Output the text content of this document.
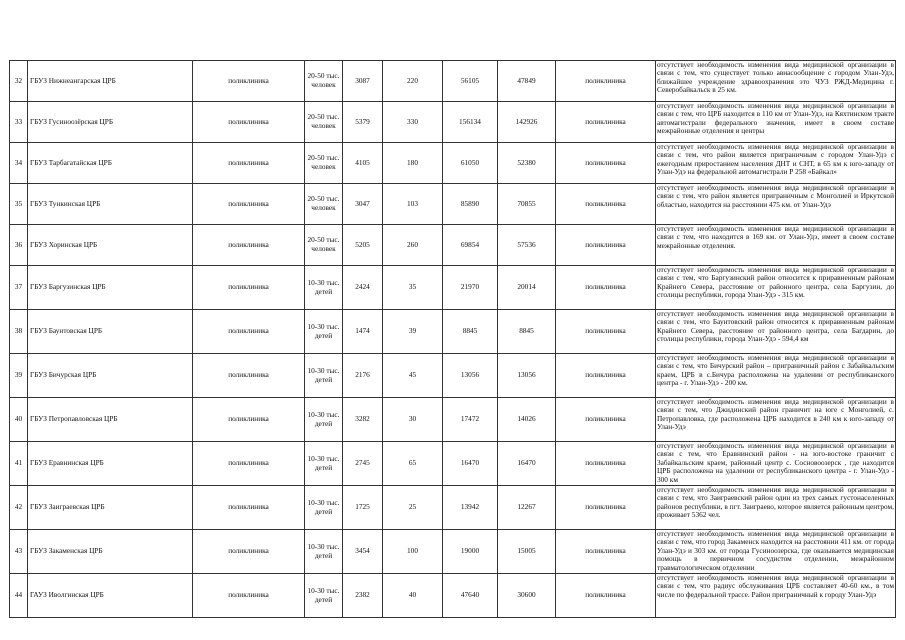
32	ГБУЗ Нижнеангарская ЦРБ	поликлиника	20-50 тыс. человек	3087	220	56105	47849	поликлиника	отсутствует необходимость изменения вида медицинской организации в связи с тем, что существует только авиасообщение с городом Улан-Удэ, ближайшее учреждение здравоохранения это ЧУЗ РЖД-Медицина г. Северобайкальск в 25 км.
33	ГБУЗ Гусиноозёрская ЦРБ	поликлиника	20-50 тыс. человек	5379	330	156134	142926	поликлиника	отсутствует необходимость изменения вида медицинской организации в связи с тем, что ЦРБ находится в 110 км от Улан-Удэ, на Кяхтинском тракте автомагистрали федерального значения, имеет в своем составе межрайонные отделения и центры
34	ГБУЗ Тарбагатайская ЦРБ	поликлиника	20-50 тыс. человек	4105	180	61050	52380	поликлиника	отсутствует необходимость изменения вида медицинской организации в связи с тем, что район является приграничным с городом Улан-Удэ с ежегодным приростанием населения ДНТ и СНТ, в 65 км к юго-западу от Улан-Удэ на федеральной автомагистрали Р 258 «Байкал»
35	ГБУЗ Тункинская ЦРБ	поликлиника	20-50 тыс. человек	3047	103	85890	70855	поликлиника	отсутствует необходимость изменения вида медицинской организации в связи с тем, что район является приграничным с Монголией и Иркутской областью, находится на расстоянии 475 км. от Улан-Удэ
36	ГБУЗ Хоринская ЦРБ	поликлиника	20-50 тыс. человек	5205	260	69854	57536	поликлиника	отсутствует необходимость изменения вида медицинской организации в связи с тем, что находится в 169 км. от Улан-Удэ, имеет в своем составе межрайонные отделения.
37	ГБУЗ Баргузинская ЦРБ	поликлиника	10-30 тыс. детей	2424	35	21970	20014	поликлиника	отсутствует необходимость изменения вида медицинской организации в связи с тем, что Баргузинский район относится к приравненным районам Крайнего Севера, расстояние от районного центра, села Баргузин, до столицы республики, города Улан-Удэ - 315 км.
38	ГБУЗ Баунтовская ЦРБ	поликлиника	10-30 тыс. детей	1474	39	8845	8845	поликлиника	отсутствует необходимость изменения вида медицинской организации в связи с тем, что Баунтовский район относится к приравненным районам Крайнего Севера, расстояние от районного центра, села Багдарин, до столицы республики, города Улан-Удэ - 594,4 км
39	ГБУЗ Бичурская ЦРБ	поликлиника	10-30 тыс. детей	2176	45	13056	13056	поликлиника	отсутствует необходимость изменения вида медицинской организации в связи с тем, что Бичурский район – приграничный район с Забайкальским краем, ЦРБ в с.Бичура расположена на удалении от республиканского центра - г. Улан-Удэ - 200 км.
40	ГБУЗ Петропавловская ЦРБ	поликлиника	10-30 тыс. детей	3282	30	17472	14026	поликлиника	отсутствует необходимость изменения вида медицинской организации в связи с тем, что Джидинский район граничит на юге с Монголией, с. Петропавловка, где расположена ЦРБ находится в 240 км к юго-западу от Улан-Удэ
41	ГБУЗ Еравнинская ЦРБ	поликлиника	10-30 тыс. детей	2745	65	16470	16470	поликлиника	отсутствует необходимость изменения вида медицинской организации в связи с тем, что Еравнинский район - на юго-востоке граничит с Забайкальским краем, районный центр с. Сосновоозерск , где находится ЦРБ расположена на удалении от республиканского центра - г. Улан-Удэ - 300 км
42	ГБУЗ Заиграевская ЦРБ	поликлиника	10-30 тыс. детей	1725	25	13942	12267	поликлиника	отсутствует необходимость изменения вида медицинской организации в связи с тем, что Заиграевский район один из трех самых густонаселенных районов республики, в пгт. Заиграево, которое является районным центром, проживает 5362 чел.
43	ГБУЗ Закаменская ЦРБ	поликлиника	10-30 тыс. детей	3454	100	19000	15005	поликлиника	отсутствует необходимость изменения вида медицинской организации в связи с тем, что город Закаменск находится на расстоянии 411 км. от города Улан-Удэ и 303 км. от города Гусиноозерска, где оказывается медицинская помощь в первичном сосудистом отделении, межрайонном травматологическом отделении
44	ГАУЗ Иволгинская ЦРБ	поликлиника	10-30 тыс. детей	2382	40	47640	30600	поликлиника	отсутствует необходимость изменения вида медицинской организации в связи с тем, что радиус обслуживания ЦРБ составляет 40-60 км., в том числе по федеральной трассе. Район приграничный к городу Улан-Удэ
